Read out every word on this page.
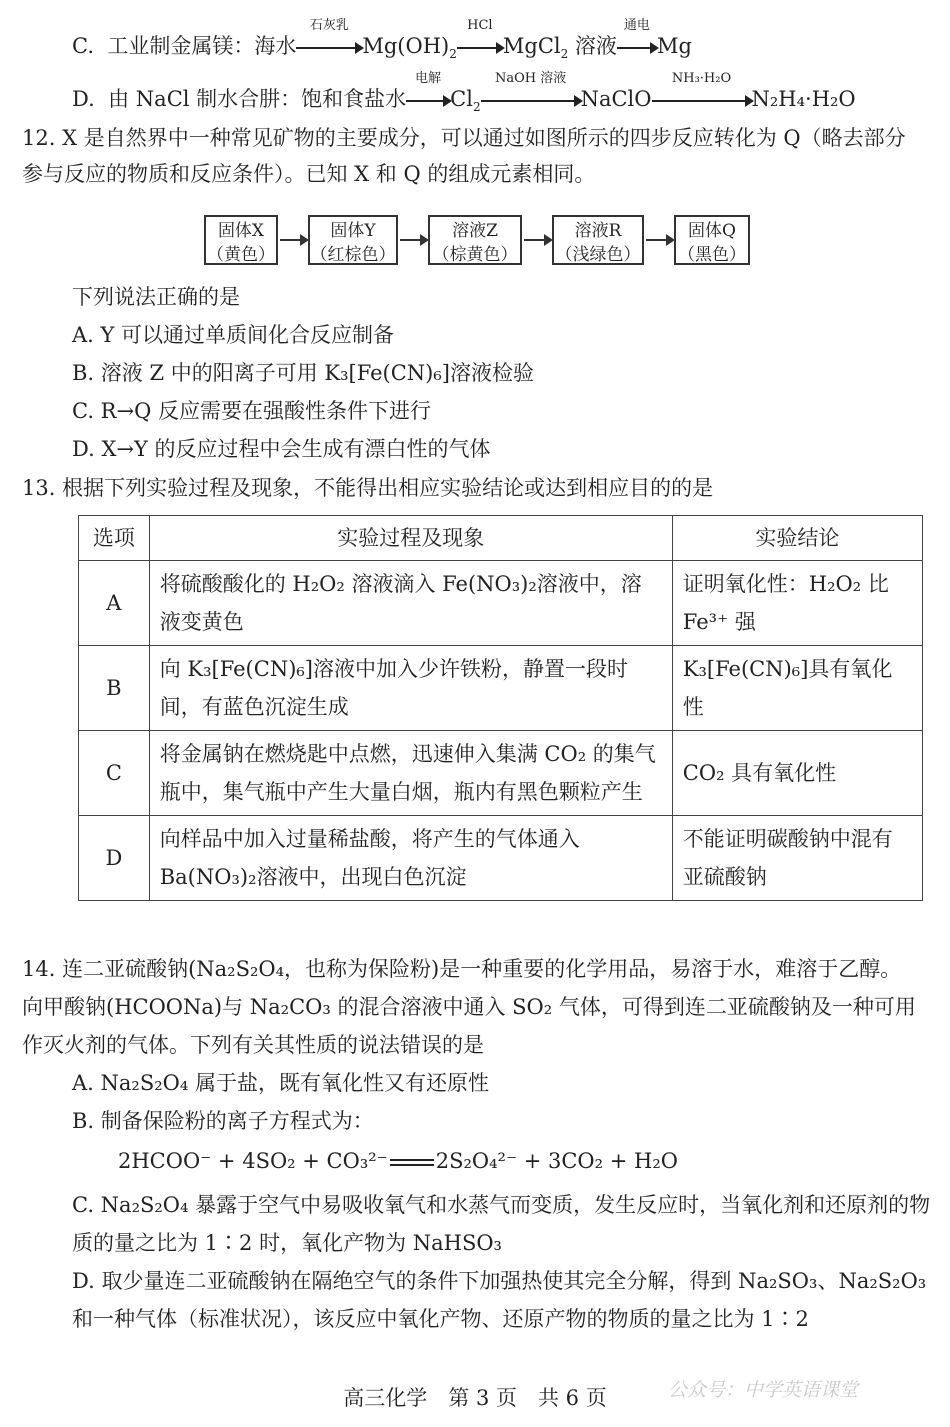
C. 工业制金属镁：海水
石灰乳
$Mg(OH)_2$
HCl
MgCl$_2$ 溶液
通电
Mg
D. 由 NaCl 制水合肼：饱和食盐水
电解
$Cl_2$
NaOH 溶液
NaClO
NH₃·H₂O
N₂H₄·H₂O
12. X 是自然界中一种常见矿物的主要成分，可以通过如图所示的四步反应转化为 Q（略去部分参与反应的物质和反应条件）。已知 X 和 Q 的组成元素相同。
固体X
（黄色）
固体Y
（红棕色）
溶液Z
（棕黄色）
溶液R
（浅绿色）
固体Q
（黑色）
下列说法正确的是
A. Y 可以通过单质间化合反应制备
B. 溶液 Z 中的阳离子可用 K₃[Fe(CN)₆]溶液检验
C. R→Q 反应需要在强酸性条件下进行
D. X→Y 的反应过程中会生成有漂白性的气体
13. 根据下列实验过程及现象，不能得出相应实验结论或达到相应目的的是
选项	实验过程及现象	实验结论
A	将硫酸酸化的 H₂O₂ 溶液滴入 Fe(NO₃)₂溶液中，溶液变黄色	证明氧化性：H₂O₂ 比 Fe³⁺ 强
B	向 K₃[Fe(CN)₆]溶液中加入少许铁粉，静置一段时间，有蓝色沉淀生成	K₃[Fe(CN)₆]具有氧化性
C	将金属钠在燃烧匙中点燃，迅速伸入集满 CO₂ 的集气瓶中，集气瓶中产生大量白烟，瓶内有黑色颗粒产生	CO₂ 具有氧化性
D	向样品中加入过量稀盐酸，将产生的气体通入 Ba(NO₃)₂溶液中，出现白色沉淀	不能证明碳酸钠中混有亚硫酸钠
14. 连二亚硫酸钠(Na₂S₂O₄，也称为保险粉)是一种重要的化学用品，易溶于水，难溶于乙醇。向甲酸钠(HCOONa)与 Na₂CO₃ 的混合溶液中通入 SO₂ 气体，可得到连二亚硫酸钠及一种可用作灭火剂的气体。下列有关其性质的说法错误的是
A. Na₂S₂O₄ 属于盐，既有氧化性又有还原性
B. 制备保险粉的离子方程式为：
2HCOO⁻ + 4SO₂ + CO₃²⁻ 2S₂O₄²⁻ + 3CO₂ + H₂O
C. Na₂S₂O₄ 暴露于空气中易吸收氧气和水蒸气而变质，发生反应时，当氧化剂和还原剂的物质的量之比为 1∶2 时，氧化产物为 NaHSO₃
D. 取少量连二亚硫酸钠在隔绝空气的条件下加强热使其完全分解，得到 Na₂SO₃、Na₂S₂O₃ 和一种气体（标准状况），该反应中氧化产物、还原产物的物质的量之比为 1∶2
高三化学　第 3 页　共 6 页	公众号：中学英语课堂
